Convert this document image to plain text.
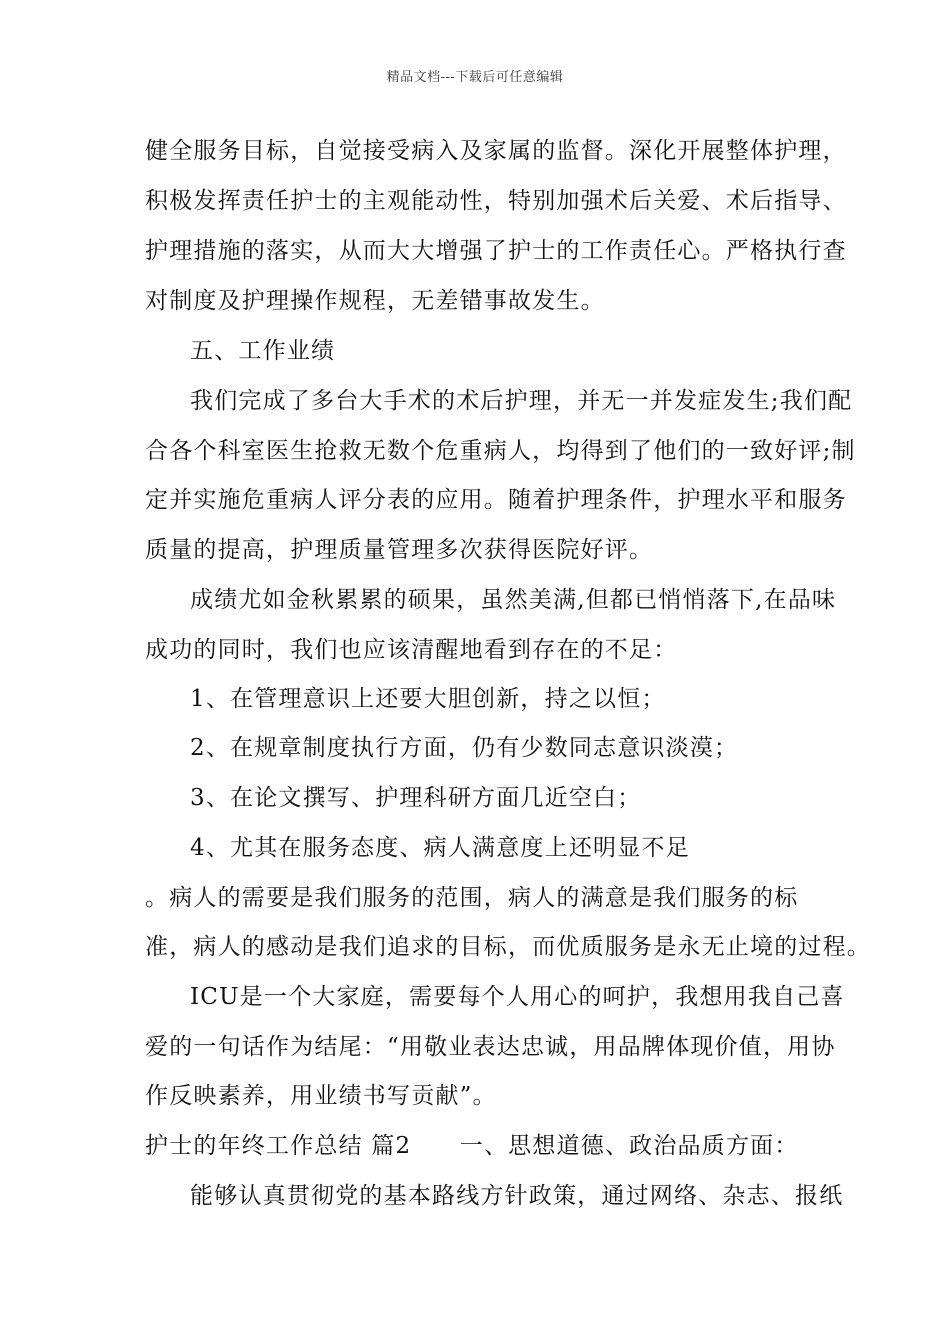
精品文档---下载后可任意编辑
健全服务目标，自觉接受病入及家属的监督。深化开展整体护理，
积极发挥责任护士的主观能动性，特别加强术后关爱、术后指导、
护理措施的落实，从而大大增强了护士的工作责任心。严格执行查
对制度及护理操作规程，无差错事故发生。
五、工作业绩
我们完成了多台大手术的术后护理，并无一并发症发生;我们配
合各个科室医生抢救无数个危重病人，均得到了他们的一致好评;制
定并实施危重病人评分表的应用。随着护理条件，护理水平和服务
质量的提高，护理质量管理多次获得医院好评。
成绩尤如金秋累累的硕果，虽然美满,但都已悄悄落下,在品味
成功的同时，我们也应该清醒地看到存在的不足：
1、在管理意识上还要大胆创新，持之以恒；
2、在规章制度执行方面，仍有少数同志意识淡漠；
3、在论文撰写、护理科研方面几近空白；
4、尤其在服务态度、病人满意度上还明显不足
。病人的需要是我们服务的范围，病人的满意是我们服务的标
准，病人的感动是我们追求的目标，而优质服务是永无止境的过程。
ICU是一个大家庭，需要每个人用心的呵护，我想用我自己喜
爱的一句话作为结尾：“用敬业表达忠诚，用品牌体现价值，用协
作反映素养，用业绩书写贡献”。
护士的年终工作总结 篇2　　一、思想道德、政治品质方面：
能够认真贯彻党的基本路线方针政策，通过网络、杂志、报纸
